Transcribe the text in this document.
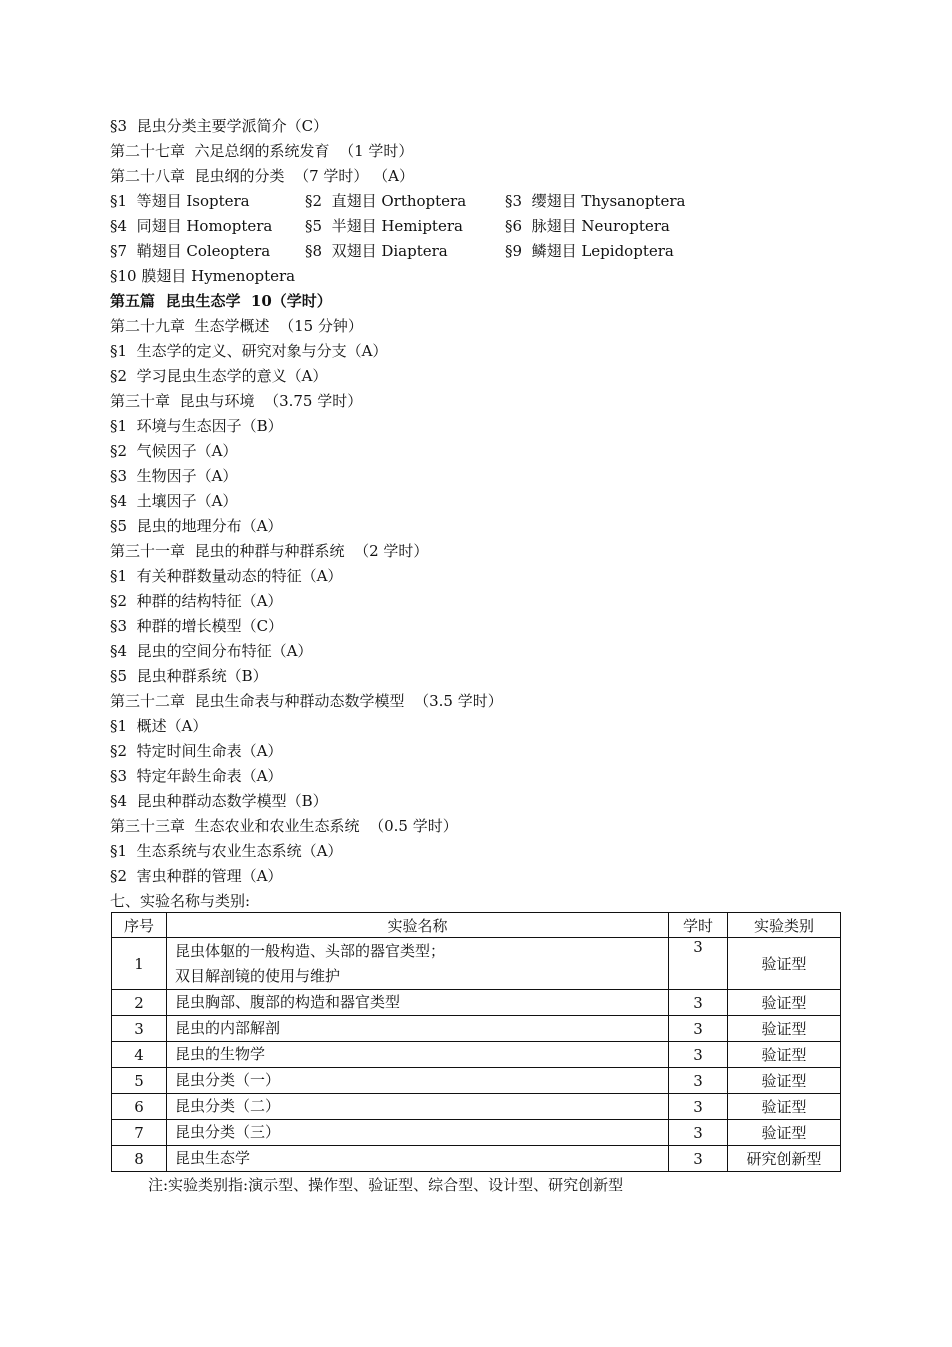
§3  昆虫分类主要学派简介（C）
第二十七章  六足总纲的系统发育  （1 学时）
第二十八章  昆虫纲的分类  （7 学时） （A）
§1  等翅目 Isoptera	§2  直翅目 Orthoptera	§3  缨翅目 Thysanoptera
§4  同翅目 Homoptera	§5  半翅目 Hemiptera	§6  脉翅目 Neuroptera
§7  鞘翅目 Coleoptera	§8  双翅目 Diaptera	§9  鳞翅目 Lepidoptera
§10 膜翅目 Hymenoptera
第五篇  昆虫生态学  10（学时）
第二十九章  生态学概述  （15 分钟）
§1  生态学的定义、研究对象与分支（A）
§2  学习昆虫生态学的意义（A）
第三十章  昆虫与环境  （3.75 学时）
§1  环境与生态因子（B）
§2  气候因子（A）
§3  生物因子（A）
§4  土壤因子（A）
§5  昆虫的地理分布（A）
第三十一章  昆虫的种群与种群系统  （2 学时）
§1  有关种群数量动态的特征（A）
§2  种群的结构特征（A）
§3  种群的增长模型（C）
§4  昆虫的空间分布特征（A）
§5  昆虫种群系统（B）
第三十二章  昆虫生命表与种群动态数学模型  （3.5 学时）
§1  概述（A）
§2  特定时间生命表（A）
§3  特定年龄生命表（A）
§4  昆虫种群动态数学模型（B）
第三十三章  生态农业和农业生态系统  （0.5 学时）
§1  生态系统与农业生态系统（A）
§2  害虫种群的管理（A）
七、实验名称与类别:
序号	实验名称	学时	实验类别
1	昆虫体躯的一般构造、头部的器官类型；
双目解剖镜的使用与维护	3	验证型
2	昆虫胸部、腹部的构造和器官类型	3	验证型
3	昆虫的内部解剖	3	验证型
4	昆虫的生物学	3	验证型
5	昆虫分类（一）	3	验证型
6	昆虫分类（二）	3	验证型
7	昆虫分类（三）	3	验证型
8	昆虫生态学	3	研究创新型
注:实验类别指:演示型、操作型、验证型、综合型、设计型、研究创新型
